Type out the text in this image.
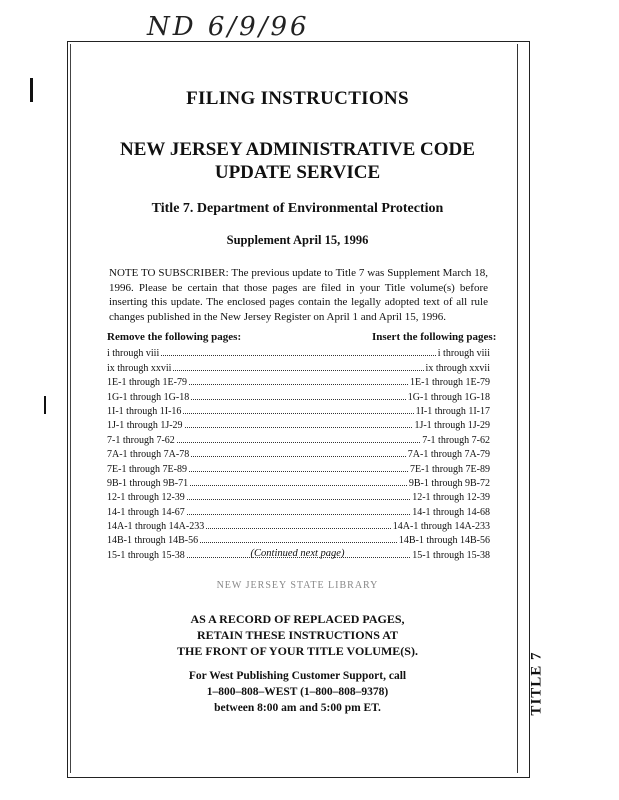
ND 6/9/96
FILING INSTRUCTIONS
NEW JERSEY ADMINISTRATIVE CODE
UPDATE SERVICE
Title 7. Department of Environmental Protection
Supplement April 15, 1996
NOTE TO SUBSCRIBER: The previous update to Title 7 was Supplement March 18, 1996. Please be certain that those pages are filed in your Title volume(s) before inserting this update. The enclosed pages contain the legally adopted text of all rule changes published in the New Jersey Register on April 1 and April 15, 1996.
Remove the following pages:	Insert the following pages:
i through viii	i through viii
ix through xxvii	ix through xxvii
1E-1 through 1E-79	1E-1 through 1E-79
1G-1 through 1G-18	1G-1 through 1G-18
1I-1 through 1I-16	1I-1 through 1I-17
1J-1 through 1J-29	1J-1 through 1J-29
7-1 through 7-62	7-1 through 7-62
7A-1 through 7A-78	7A-1 through 7A-79
7E-1 through 7E-89	7E-1 through 7E-89
9B-1 through 9B-71	9B-1 through 9B-72
12-1 through 12-39	12-1 through 12-39
14-1 through 14-67	14-1 through 14-68
14A-1 through 14A-233	14A-1 through 14A-233
14B-1 through 14B-56	14B-1 through 14B-56
15-1 through 15-38	15-1 through 15-38
(Continued next page)
NEW JERSEY STATE LIBRARY
AS A RECORD OF REPLACED PAGES,
RETAIN THESE INSTRUCTIONS AT
THE FRONT OF YOUR TITLE VOLUME(S).
For West Publishing Customer Support, call
1–800–808–WEST (1–800–808–9378)
between 8:00 am and 5:00 pm ET.	TITLE 7
